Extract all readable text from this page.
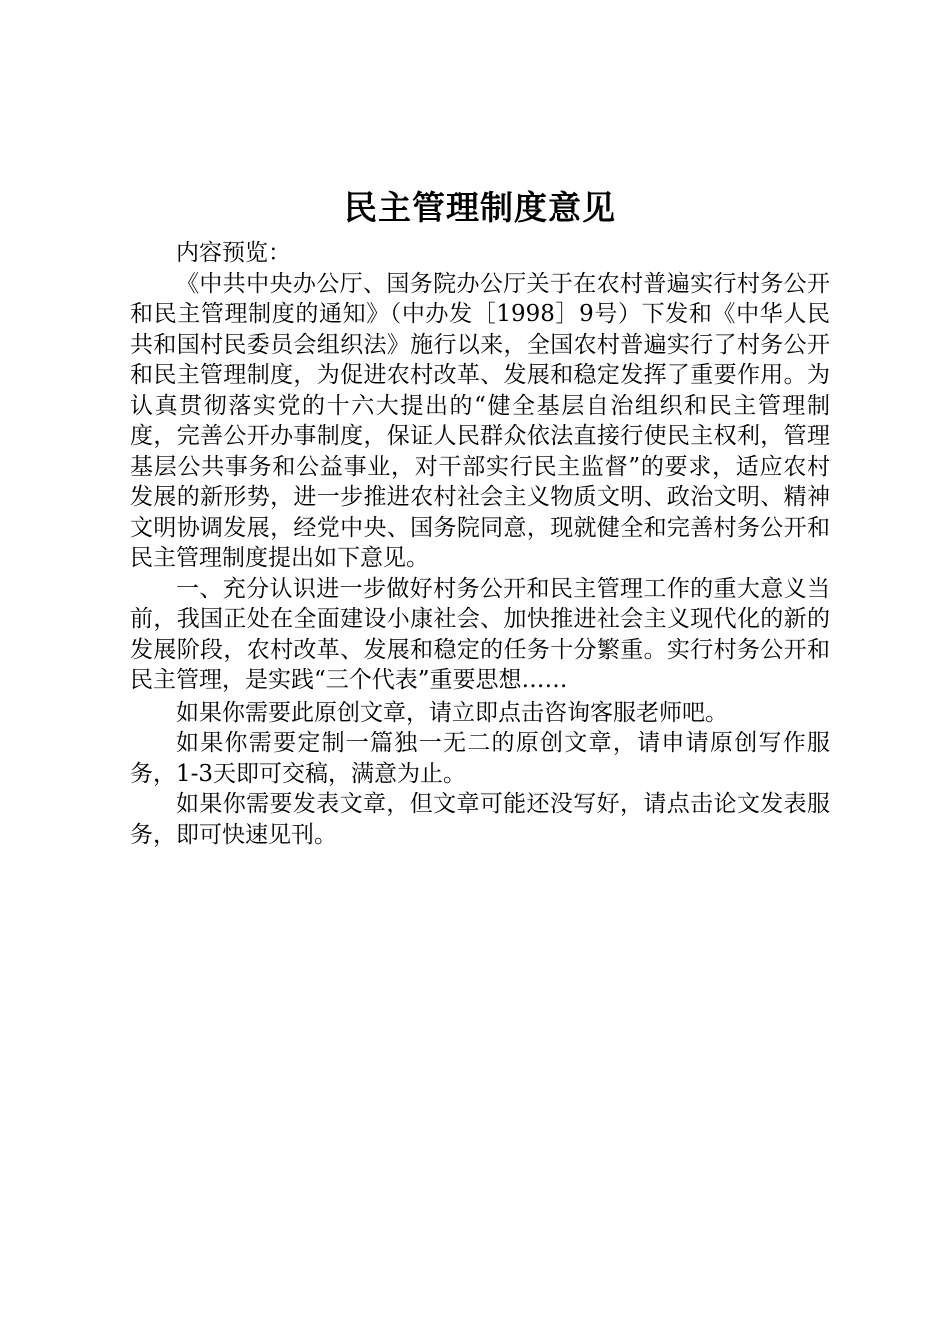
民主管理制度意见

内容预览：

《中共中央办公厅、国务院办公厅关于在农村普遍实行村务公开和民主管理制度的通知》（中办发［1998］9号）下发和《中华人民共和国村民委员会组织法》施行以来，全国农村普遍实行了村务公开和民主管理制度，为促进农村改革、发展和稳定发挥了重要作用。为认真贯彻落实党的十六大提出的“健全基层自治组织和民主管理制度，完善公开办事制度，保证人民群众依法直接行使民主权利，管理基层公共事务和公益事业，对干部实行民主监督”的要求，适应农村发展的新形势，进一步推进农村社会主义物质文明、政治文明、精神文明协调发展，经党中央、国务院同意，现就健全和完善村务公开和民主管理制度提出如下意见。

一、充分认识进一步做好村务公开和民主管理工作的重大意义当前，我国正处在全面建设小康社会、加快推进社会主义现代化的新的发展阶段，农村改革、发展和稳定的任务十分繁重。实行村务公开和民主管理，是实践“三个代表”重要思想……

如果你需要此原创文章，请立即点击咨询客服老师吧。

如果你需要定制一篇独一无二的原创文章，请申请原创写作服务，1-3天即可交稿，满意为止。

如果你需要发表文章，但文章可能还没写好，请点击论文发表服务，即可快速见刊。
